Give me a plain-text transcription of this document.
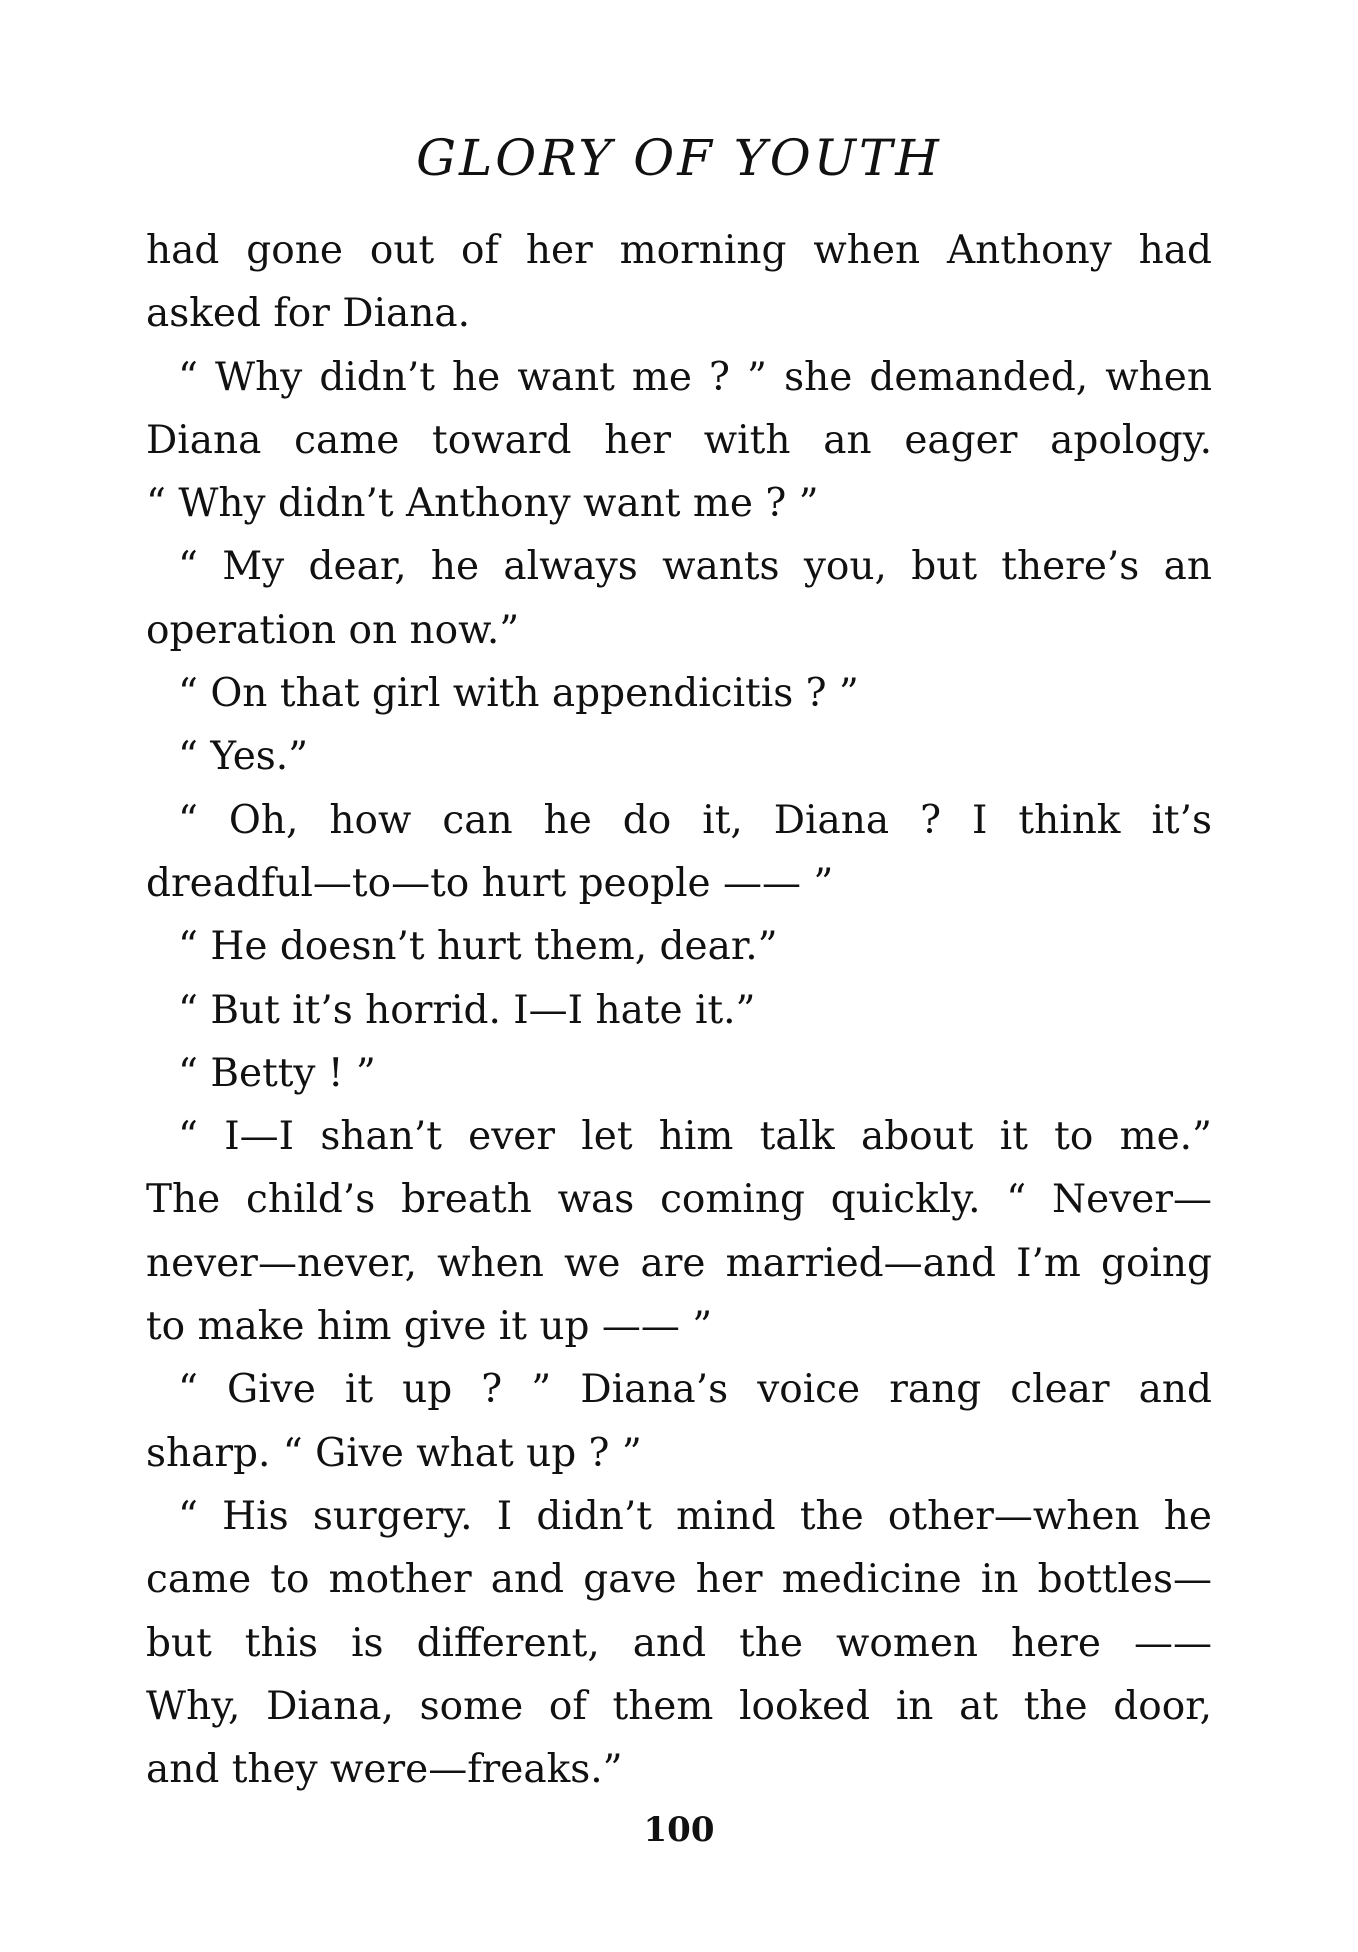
GLORY OF YOUTH
had gone out of her morning when Anthony had
asked for Diana.
“ Why didn’t he want me ? ” she demanded, when
Diana came toward her with an eager apology.
“ Why didn’t Anthony want me ? ”
“ My dear, he always wants you, but there’s an
operation on now.”
“ On that girl with appendicitis ? ”
“ Yes.”
“ Oh, how can he do it, Diana ? I think it’s
dreadful—to—to hurt people —— ”
“ He doesn’t hurt them, dear.”
“ But it’s horrid. I—I hate it.”
“ Betty ! ”
“ I—I shan’t ever let him talk about it to me.”
The child’s breath was coming quickly. “ Never—
never—never, when we are married—and I’m going
to make him give it up —— ”
“ Give it up ? ” Diana’s voice rang clear and
sharp. “ Give what up ? ”
“ His surgery. I didn’t mind the other—when he
came to mother and gave her medicine in bottles—
but this is different, and the women here ——
Why, Diana, some of them looked in at the door,
and they were—freaks.”
100
